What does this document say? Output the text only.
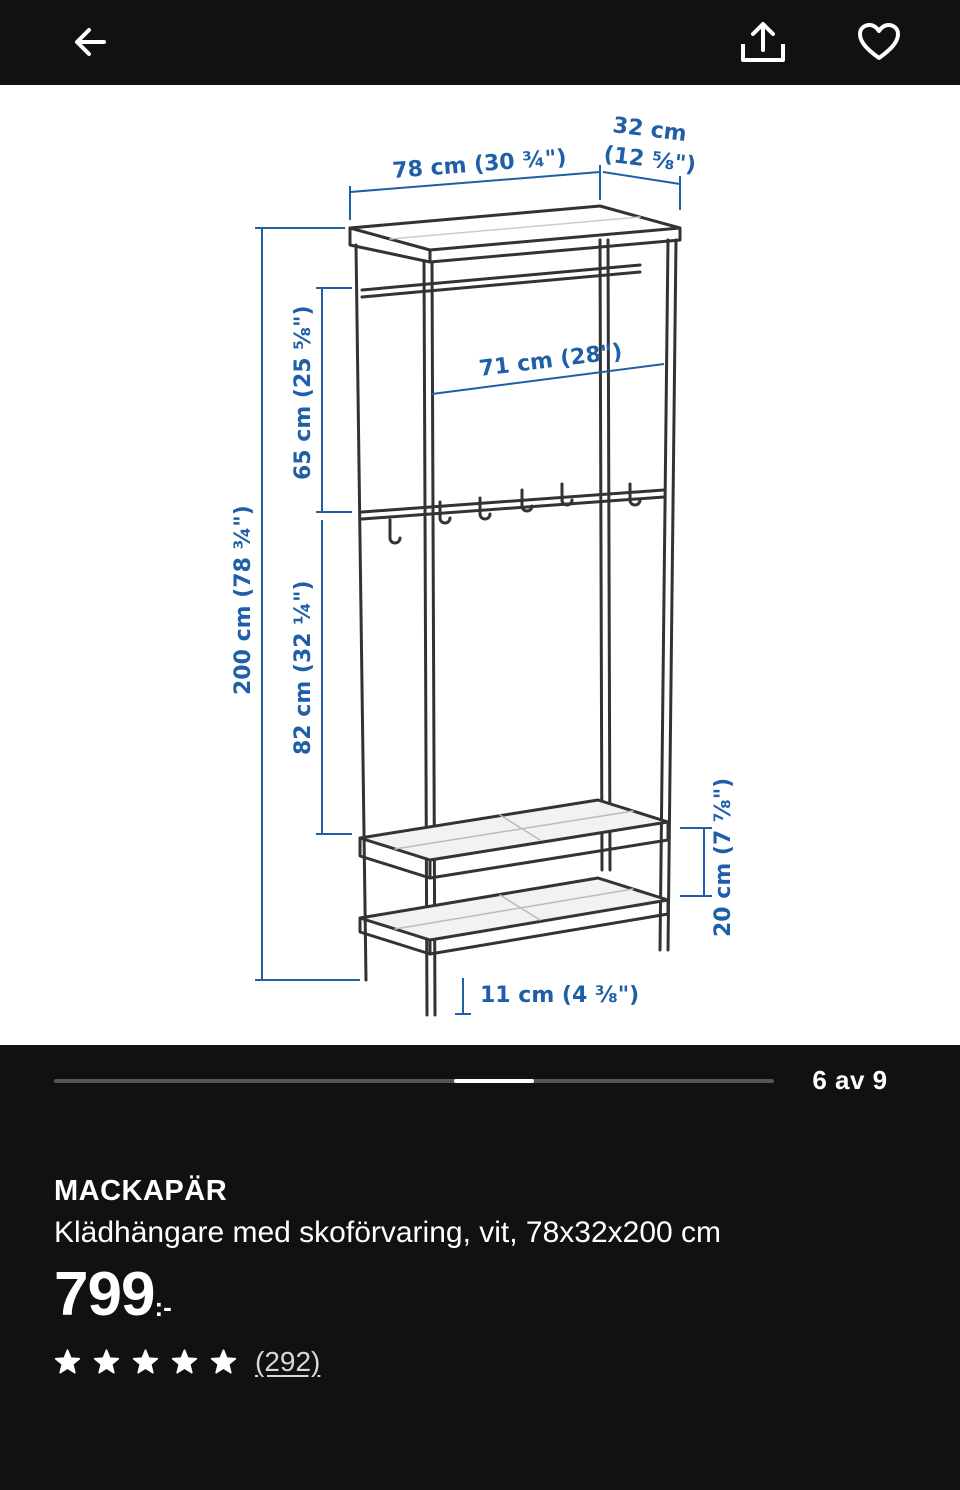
78 cm (30 ¾")
32 cm
(12 ⅝")
200 cm (78 ¾")
65 cm (25 ⅝")	71 cm (28")
82 cm (32 ¼")
20 cm (7 ⅞")
11 cm (4 ⅜")
6 av 9
MACKAPÄR
Klädhängare med skoförvaring, vit, 78x32x200 cm
799 :-
(292)
